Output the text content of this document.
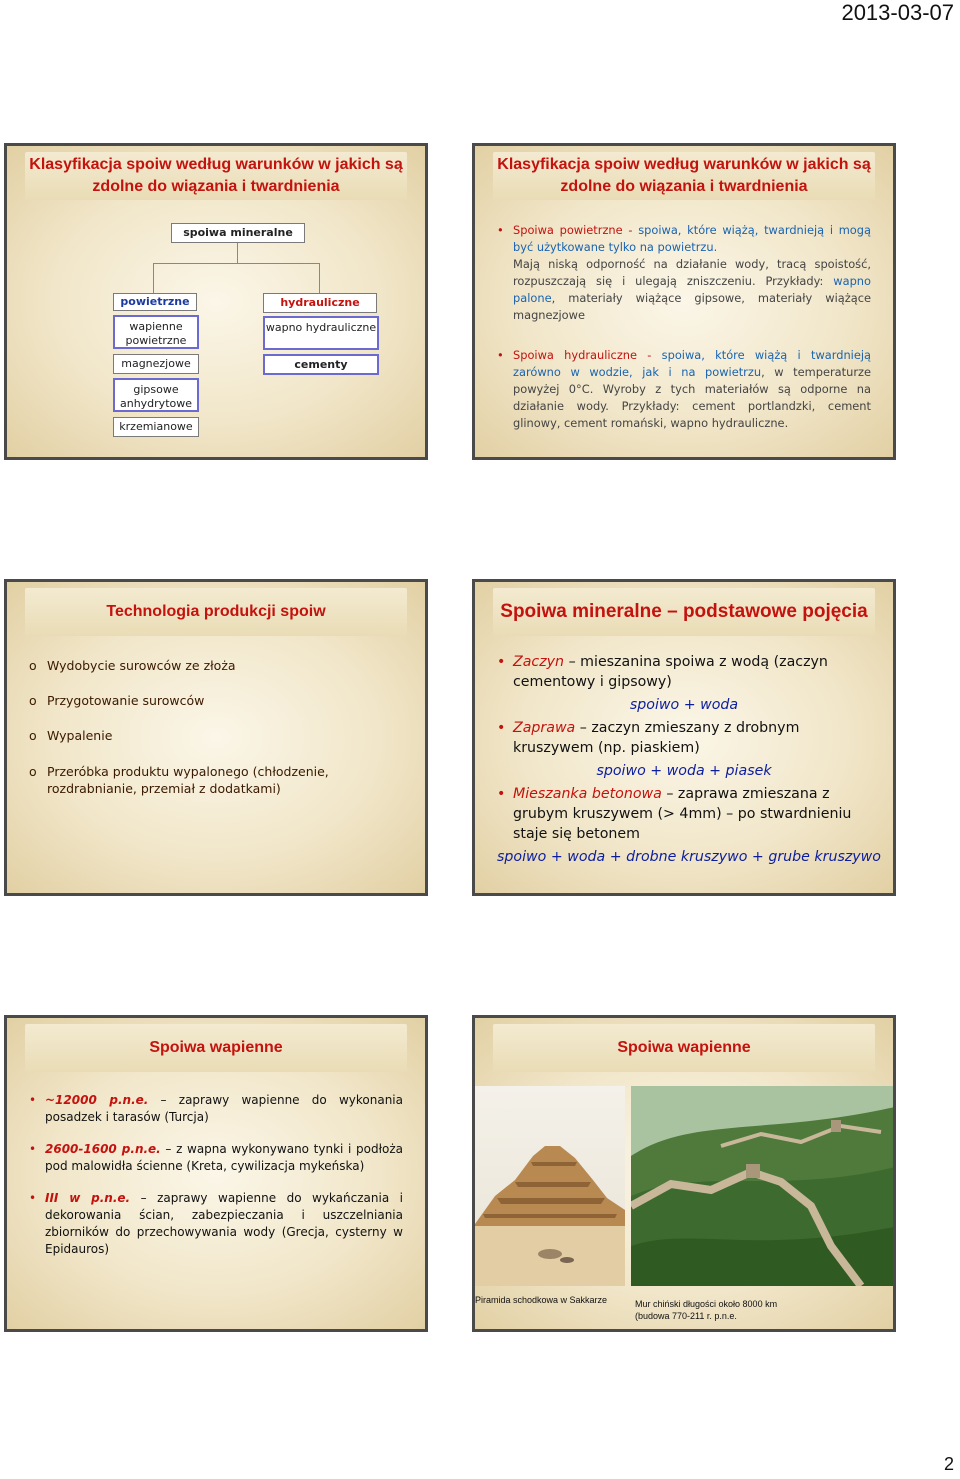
2013-03-07
Klasyfikacja spoiw według warunków w jakich są zdolne do wiązania i twardnienia
spoiwa mineralne
powietrzne
wapienne powietrzne
magnezjowe
gipsowe anhydrytowe
krzemianowe
hydrauliczne
wapno hydrauliczne
cementy
Klasyfikacja spoiw według warunków w jakich są zdolne do wiązania i twardnienia
• Spoiwa powietrzne - spoiwa, które wiążą, twardnieją i mogą być użytkowane tylko na powietrzu.
Mają niską odporność na działanie wody, tracą spoistość, rozpuszczają się i ulegają zniszczeniu. Przykłady: wapno palone, materiały wiążące gipsowe, materiały wiążące magnezjowe
• Spoiwa hydrauliczne - spoiwa, które wiążą i twardnieją zarówno w wodzie, jak i na powietrzu, w temperaturze powyżej 0°C. Wyroby z tych materiałów są odporne na działanie wody. Przykłady: cement portlandzki, cement glinowy, cement romański, wapno hydrauliczne.
Technologia produkcji spoiw
o Wydobycie surowców ze złoża
o Przygotowanie surowców
o Wypalenie
o Przeróbka produktu wypalonego (chłodzenie, rozdrabnianie, przemiał z dodatkami)
Spoiwa mineralne – podstawowe pojęcia
• Zaczyn – mieszanina spoiwa z wodą (zaczyn cementowy i gipsowy)
spoiwo + woda
• Zaprawa – zaczyn zmieszany z drobnym kruszywem (np. piaskiem)
spoiwo + woda + piasek
• Mieszanka betonowa – zaprawa zmieszana z grubym kruszywem (> 4mm) – po stwardnieniu staje się betonem
spoiwo + woda + drobne kruszywo + grube kruszywo
Spoiwa wapienne
• ~12000 p.n.e. – zaprawy wapienne do wykonania posadzek i tarasów (Turcja)
• 2600-1600 p.n.e. – z wapna wykonywano tynki i podłoża pod malowidła ścienne (Kreta, cywilizacja mykeńska)
• III w p.n.e. – zaprawy wapienne do wykańczania i dekorowania ścian, zabezpieczania i uszczelniania zbiorników do przechowywania wody (Grecja, cysterny w Epidauros)
Spoiwa wapienne
Piramida schodkowa w Sakkarze	Mur chiński długości około 8000 km
(budowa 770-211 r. p.n.e.
2
